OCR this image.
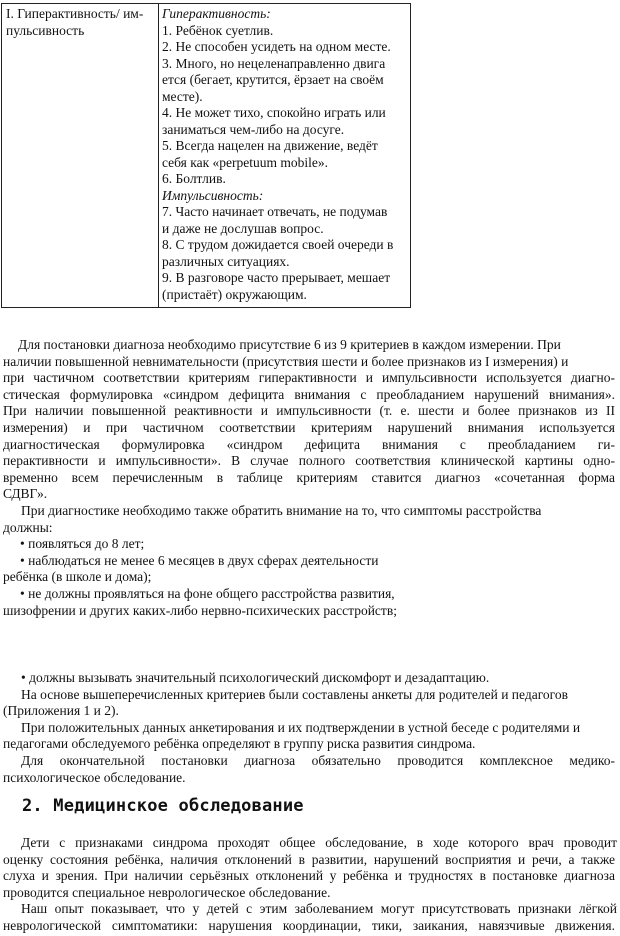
I. Гиперактивность/ им-
пульсивность
Гиперактивность:
1. Ребёнок суетлив.
2. Не способен усидеть на одном месте.
3. Много, но нецеленаправленно двига
ется (бегает, крутится, ёрзает на своём
месте).
4. Не может тихо, спокойно играть или
заниматься чем-либо на досуге.
5. Всегда нацелен на движение, ведёт
себя как «perpetuum mobile».
6. Болтлив.
Импульсивность:
7. Часто начинает отвечать, не подумав
и даже не дослушав вопрос.
8. С трудом дожидается своей очереди в
различных ситуациях.
9. В разговоре часто прерывает, мешает
(пристаёт) окружающим.
Для постановки диагноза необходимо присутствие 6 из 9 критериев в каждом измерении. При
наличии повышенной невнимательности (присутствия шести и более признаков из I измерения) и
при частичном соответствии критериям гиперактивности и импульсивности используется диагно-
стическая формулировка «синдром дефицита внимания с преобладанием нарушений внимания».
При наличии повышенной реактивности и импульсивности (т. е. шести и более признаков из II
измерения) и при частичном соответствии критериям нарушений внимания используется
диагностическая формулировка «синдром дефицита внимания с преобладанием ги-
перактивности и импульсивности». В случае полного соответствия клинической картины одно-
временно всем перечисленным в таблице критериям ставится диагноз «сочетанная форма
СДВГ».
При диагностике необходимо также обратить внимание на то, что симптомы расстройства
должны:
• появляться до 8 лет;
• наблюдаться не менее 6 месяцев в двух сферах деятельности
ребёнка (в школе и дома);
• не должны проявляться на фоне общего расстройства развития,
шизофрении и других каких-либо нервно-психических расстройств;
• должны вызывать значительный психологический дискомфорт и дезадаптацию.
На основе вышеперечисленных критериев были составлены анкеты для родителей и педагогов
(Приложения 1 и 2).
При положительных данных анкетирования и их подтверждении в устной беседе с родителями и
педагогами обследуемого ребёнка определяют в группу риска развития синдрома.
Для окончательной постановки диагноза обязательно проводится комплексное медико-
психологическое обследование.
2. Медицинское обследование
Дети с признаками синдрома проходят общее обследование, в ходе которого врач проводит
оценку состояния ребёнка, наличия отклонений в развитии, нарушений восприятия и речи, а также
слуха и зрения. При наличии серьёзных отклонений у ребёнка и трудностях в постановке диагноза
проводится специальное неврологическое обследование.
Наш опыт показывает, что у детей с этим заболеванием могут присутствовать признаки лёгкой
неврологической симптоматики: нарушения координации, тики, заикания, навязчивые движения.
